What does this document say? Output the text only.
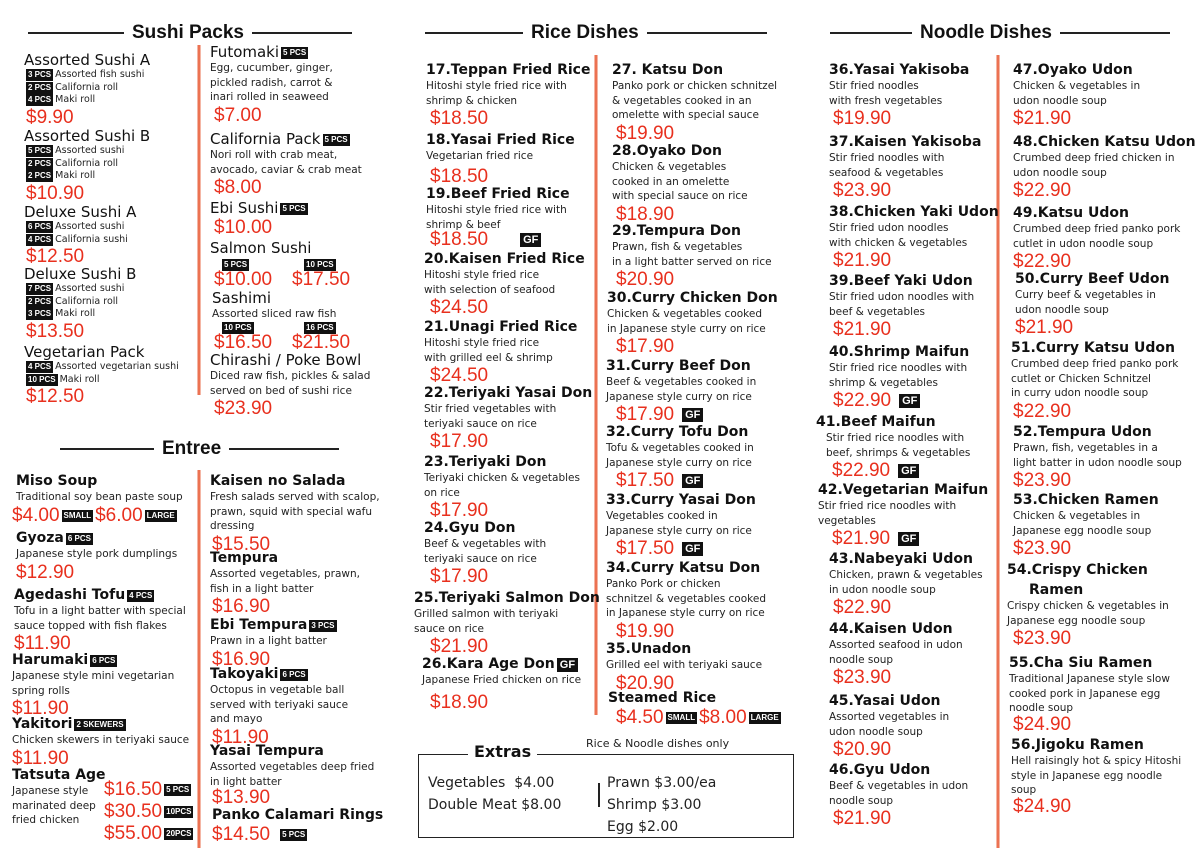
Sushi Packs
Entree
Rice Dishes	Noodle Dishes
Assorted Sushi A
3 PCS Assorted fish sushi
2 PCS California roll
4 PCS Maki roll
$9.90
Assorted Sushi B
5 PCS Assorted sushi
2 PCS California roll
2 PCS Maki roll
$10.90
Deluxe Sushi A
6 PCS Assorted sushi
4 PCS California sushi
$12.50
Deluxe Sushi B
7 PCS Assorted sushi
2 PCS California roll
3 PCS Maki roll
$13.50
Vegetarian Pack
4 PCS Assorted vegetarian sushi
10 PCS Maki roll
$12.50
Futomaki 5 PCS
Egg, cucumber, ginger,
pickled radish, carrot &
inari rolled in seaweed
$7.00
California Pack 5 PCS
Nori roll with crab meat,
avocado, caviar & crab meat
$8.00
Ebi Sushi 5 PCS
$10.00
Salmon Sushi
5 PCS	10 PCS
$10.00 $17.50
Sashimi
Assorted sliced raw fish
10 PCS	16 PCS
$16.50 $21.50
Chirashi / Poke Bowl
Diced raw fish, pickles & salad
served on bed of sushi rice
$23.90
Miso Soup
Traditional soy bean paste soup
$4.00 SMALL $6.00 LARGE
Gyoza 6 PCS
Japanese style pork dumplings
$12.90
Agedashi Tofu 4 PCS
Tofu in a light batter with special
sauce topped with fish flakes
$11.90
Harumaki 6 PCS
Japanese style mini vegetarian
spring rolls
$11.90
Yakitori 2 SKEWERS
Chicken skewers in teriyaki sauce
$11.90
Tatsuta Age
Japanese style
marinated deep
fried chicken
$16.50 5 PCS
$30.50 10PCS
$55.00 20PCS
Kaisen no Salada
Fresh salads served with scalop,
prawn, squid with special wafu
dressing
$15.50
Tempura
Assorted vegetables, prawn,
fish in a light batter
$16.90
Ebi Tempura 3 PCS
Prawn in a light batter
$16.90
Takoyaki 6 PCS
Octopus in vegetable ball
served with teriyaki sauce
and mayo
$11.90
Yasai Tempura
Assorted vegetables deep fried
in light batter
$13.90
Panko Calamari Rings
$14.50 5 PCS
17.Teppan Fried Rice
Hitoshi style fried rice with
shrimp & chicken
$18.50
18.Yasai Fried Rice
Vegetarian fried rice
$18.50
19.Beef Fried Rice
Hitoshi style fried rice with
shrimp & beef
$18.50	GF
20.Kaisen Fried Rice
Hitoshi style fried rice
with selection of seafood
$24.50
21.Unagi Fried Rice
Hitoshi style fried rice
with grilled eel & shrimp
$24.50
22.Teriyaki Yasai Don
Stir fried vegetables with
teriyaki sauce on rice
$17.90
23.Teriyaki Don
Teriyaki chicken & vegetables
on rice
$17.90
24.Gyu Don
Beef & vegetables with
teriyaki sauce on rice
$17.90
25.Teriyaki Salmon Don
Grilled salmon with teriyaki
sauce on rice
$21.90
26.Kara Age Don GF
Japanese Fried chicken on rice
$18.90
27. Katsu Don
Panko pork or chicken schnitzel
& vegetables cooked in an
omelette with special sauce
$19.90
28.Oyako Don
Chicken & vegetables
cooked in an omelette
with special sauce on rice
$18.90
29.Tempura Don
Prawn, fish & vegetables
in a light batter served on rice
$20.90
30.Curry Chicken Don
Chicken & vegetables cooked
in Japanese style curry on rice
$17.90
31.Curry Beef Don
Beef & vegetables cooked in
Japanese style curry on rice
$17.90 GF
32.Curry Tofu Don
Tofu & vegetables cooked in
Japanese style curry on rice
$17.50 GF
33.Curry Yasai Don
Vegetables cooked in
Japanese style curry on rice
$17.50 GF
34.Curry Katsu Don
Panko Pork or chicken
schnitzel & vegetables cooked
in Japanese style curry on rice
$19.90
35.Unadon
Grilled eel with teriyaki sauce
$20.90
Steamed Rice
$4.50 SMALL $8.00 LARGE
Extras	Rice & Noodle dishes only
Vegetables  $4.00
Double Meat $8.00
Prawn $3.00/ea
Shrimp $3.00
Egg $2.00
36.Yasai Yakisoba
Stir fried noodles
with fresh vegetables
$19.90
37.Kaisen Yakisoba
Stir fried noodles with
seafood & vegetables
$23.90
38.Chicken Yaki Udon
Stir fried udon noodles
with chicken & vegetables
$21.90
39.Beef Yaki Udon
Stir fried udon noodles with
beef & vegetables
$21.90
40.Shrimp Maifun
Stir fried rice noodles with
shrimp & vegetables
$22.90 GF
41.Beef Maifun
Stir fried rice noodles with
beef, shrimps & vegetables
$22.90 GF
42.Vegetarian Maifun
Stir fried rice noodles with
vegetables
$21.90 GF
43.Nabeyaki Udon
Chicken, prawn & vegetables
in udon noodle soup
$22.90
44.Kaisen Udon
Assorted seafood in udon
noodle soup
$23.90
45.Yasai Udon
Assorted vegetables in
udon noodle soup
$20.90
46.Gyu Udon
Beef & vegetables in udon
noodle soup
$21.90
47.Oyako Udon
Chicken & vegetables in
udon noodle soup
$21.90
48.Chicken Katsu Udon
Crumbed deep fried chicken in
udon noodle soup
$22.90
49.Katsu Udon
Crumbed deep fried panko pork
cutlet in udon noodle soup
$22.90
50.Curry Beef Udon
Curry beef & vegetables in
udon noodle soup
$21.90
51.Curry Katsu Udon
Crumbed deep fried panko pork
cutlet or Chicken Schnitzel
in curry udon noodle soup
$22.90
52.Tempura Udon
Prawn, fish, vegetables in a
light batter in udon noodle soup
$23.90
53.Chicken Ramen
Chicken & vegetables in
Japanese egg noodle soup
$23.90
54.Crispy Chicken
Ramen
Crispy chicken & vegetables in
Japanese egg noodle soup
$23.90
55.Cha Siu Ramen
Traditional Japanese style slow
cooked pork in Japanese egg
noodle soup
$24.90
56.Jigoku Ramen
Hell raisingly hot & spicy Hitoshi
style in Japanese egg noodle
soup
$24.90
